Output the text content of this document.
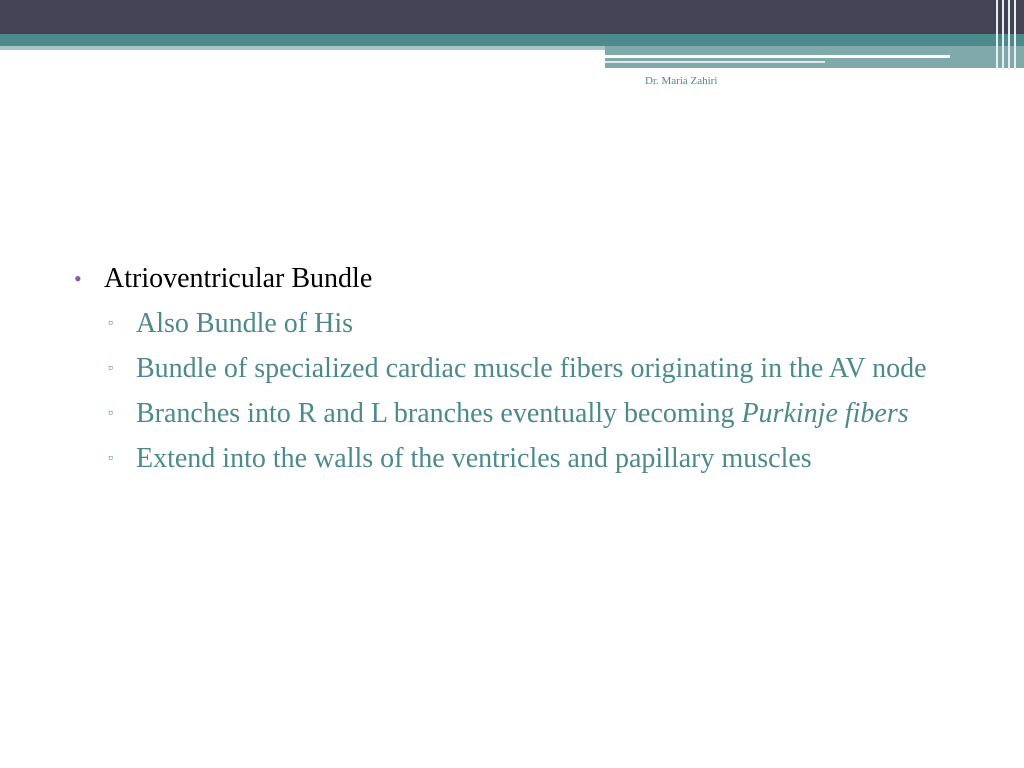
Dr. Maria Zahiri
• Atrioventricular Bundle
▫ Also Bundle of His
▫ Bundle of specialized cardiac muscle fibers originating in the AV node
▫ Branches into R and L branches eventually becoming Purkinje fibers
▫ Extend into the walls of the ventricles and papillary muscles
